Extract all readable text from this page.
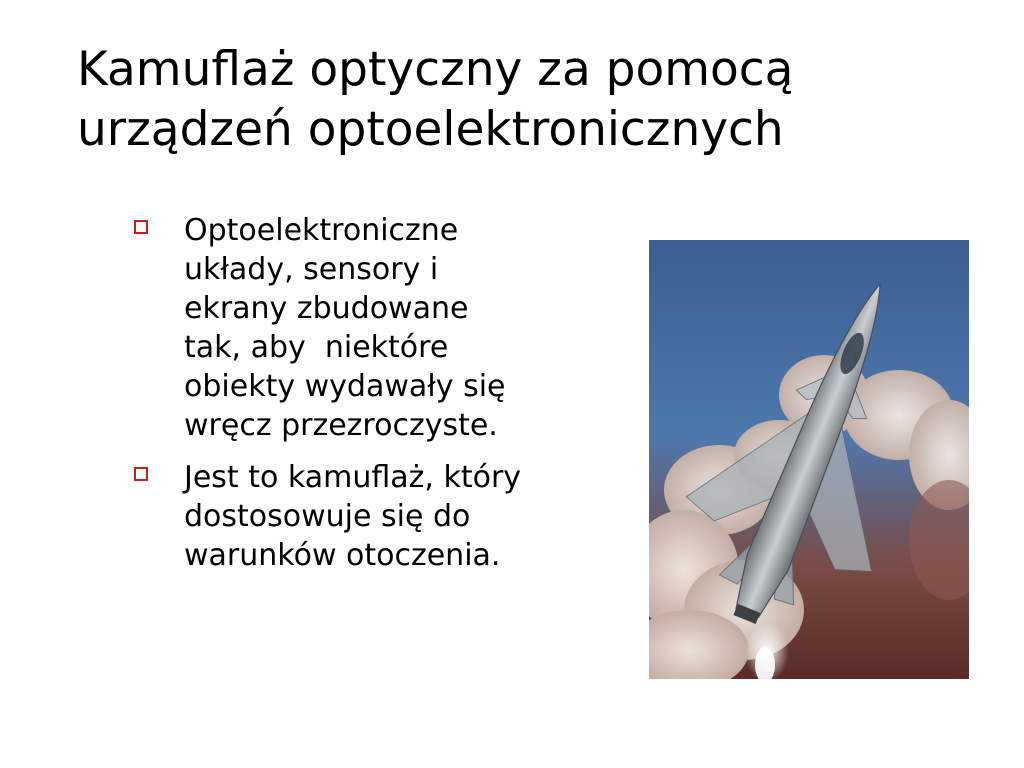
Kamuflaż optyczny za pomocą
urządzeń optoelektronicznych
Optoelektroniczne
układy, sensory i
ekrany zbudowane
tak, aby  niektóre
obiekty wydawały się
wręcz przezroczyste.
Jest to kamuflaż, który
dostosowuje się do
warunków otoczenia.
